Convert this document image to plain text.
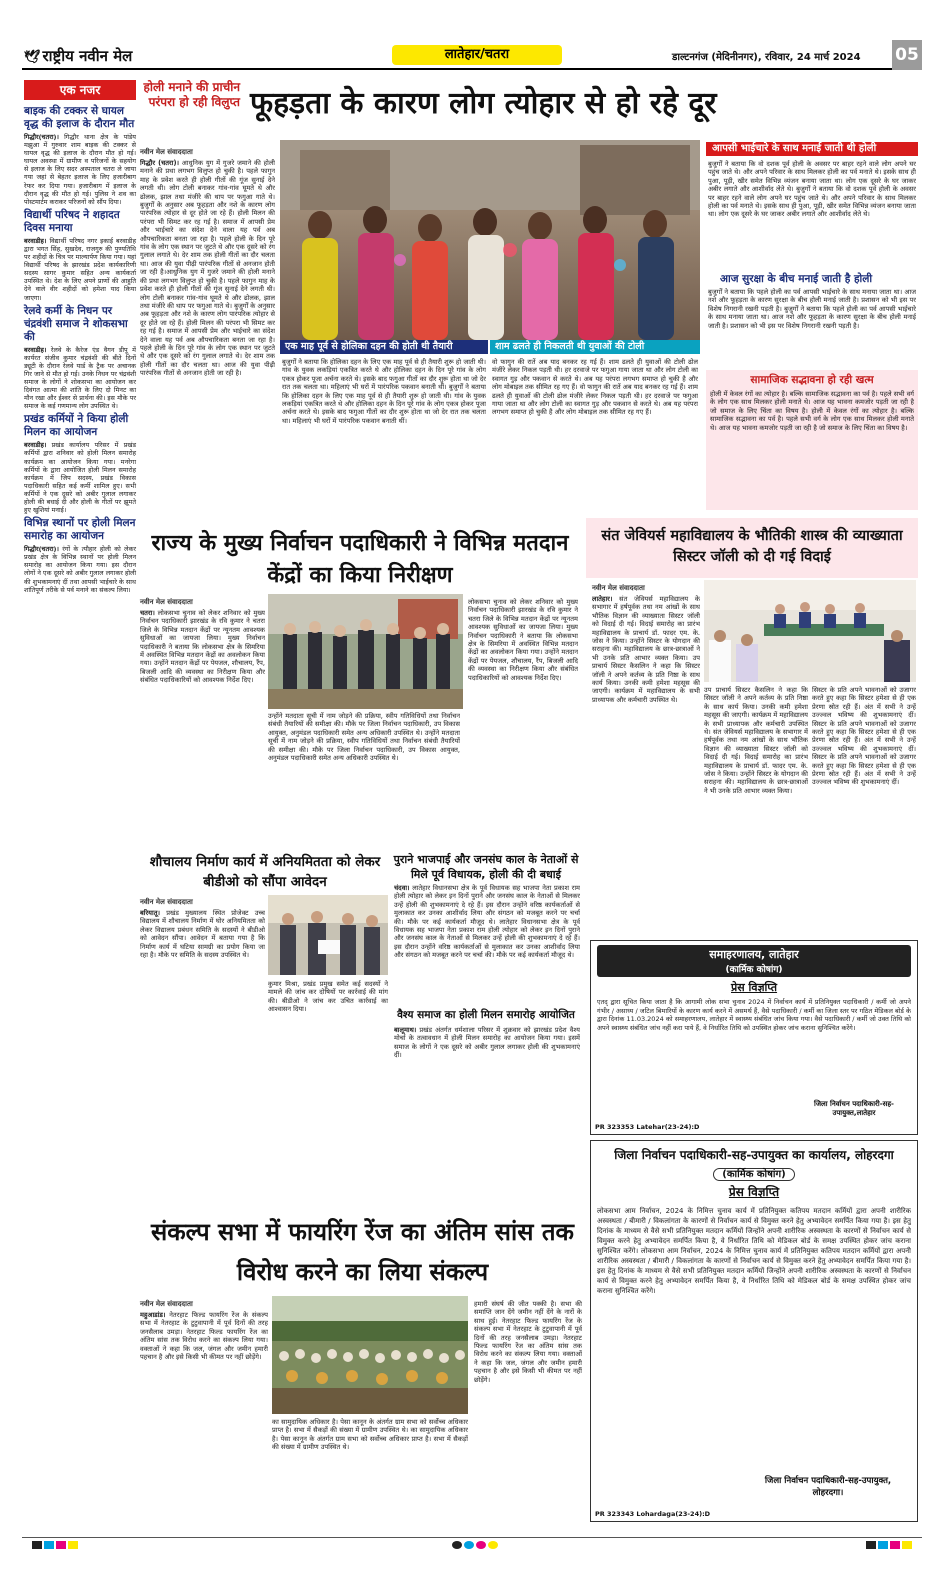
🕊 राष्ट्रीय नवीन मेल	लातेहार/चतरा	डाल्टनगंज (मेदिनीनगर), रविवार, 24 मार्च 2024 05
एक नजर
बाइक की टक्कर से घायल वृद्ध की इलाज के दौरान मौत
गिद्धौर(चतरा)। गिद्धौर थाना क्षेत्र के पांडेय मझुआ में गुरुवार शाम बाइक की टक्कर से घायल वृद्ध की इलाज के दौरान मौत हो गई। घायल अवस्था में ग्रामीण व परिजनों के सहयोग से इलाज के लिए सदर अस्पताल चतरा ले जाया गया जहां से बेहतर इलाज के लिए हजारीबाग रेफर कर दिया गया। हजारीबाग में इलाज के दौरान वृद्ध की मौत हो गई। पुलिस ने शव का पोस्टमार्टम कराकर परिजनों को सौंप दिया।
विद्यार्थी परिषद ने शहादत दिवस मनाया
बरवाडीह। विद्यार्थी परिषद नगर इकाई बरवाडीह द्वारा भगत सिंह, सुखदेव, राजगुरु की पुण्यतिथि पर शहीदों के चित्र पर माल्यार्पण किया गया। यहां विद्यार्थी परिषद के झारखंड प्रदेश कार्यकारिणी सदस्य सागर कुमार सहित अन्य कार्यकर्ता उपस्थित थे। देश के लिए अपने प्राणों की आहुति देने वाले वीर शहीदों को हमेशा याद किया जाएगा।
रेलवे कर्मी के निधन पर चंद्रवंशी समाज ने शोकसभा की
बरवाडीह। रेलवे के कैरेज एंड वैगन डीपू में कार्यरत संजीव कुमार चंद्रवंशी की बीते दिनों ड्यूटी के दौरान रेलवे यार्ड के ट्रैक पर अचानक गिर जाने से मौत हो गई। उनके निधन पर चंद्रवंशी समाज के लोगों ने शोकसभा का आयोजन कर दिवंगत आत्मा की शांति के लिए दो मिनट का मौन रखा और ईश्वर से प्रार्थना की। इस मौके पर समाज के कई गणमान्य लोग उपस्थित थे।
प्रखंड कर्मियों ने किया होली मिलन का आयोजन
बरवाडीह। प्रखंड कार्यालय परिसर में प्रखंड कर्मियों द्वारा शनिवार को होली मिलन समारोह कार्यक्रम का आयोजन किया गया। मनरेगा कर्मियों के द्वारा आयोजित होली मिलन समारोह कार्यक्रम में जिप सदस्य, प्रखंड विकास पदाधिकारी सहित कई कर्मी शामिल हुए। सभी कर्मियों ने एक दूसरे को अबीर गुलाल लगाकर होली की बधाई दी और होली के गीतों पर झूमते हुए खुशियां मनाई।
विभिन्न स्थानों पर होली मिलन समारोह का आयोजन
गिद्धौर(चतरा)। रंगों के त्यौहार होली को लेकर प्रखंड क्षेत्र के विभिन्न स्थानों पर होली मिलन समारोह का आयोजन किया गया। इस दौरान लोगों ने एक दूसरे को अबीर गुलाल लगाकर होली की शुभकामनाएं दीं तथा आपसी भाईचारे के साथ शांतिपूर्ण तरीके से पर्व मनाने का संकल्प लिया।
होली मनाने की प्राचीन परंपरा हो रही विलुप्त फूहड़ता के कारण लोग त्योहार से हो रहे दूर
नवीन मेल संवाददाता
गिद्धौर (चतरा)। आधुनिक युग में गुजरे जमाने की होली मनाने की प्रथा लगभग विलुप्त हो चुकी है। पहले फागुन माह के प्रवेश करते ही होली गीतों की गूंज सुनाई देने लगती थी। लोग टोली बनाकर गांव-गांव घूमते थे और ढोलक, झाल तथा मंजीरे की थाप पर फगुआ गाते थे। बुजुर्गों के अनुसार अब फूहड़ता और नशे के कारण लोग पारंपरिक त्योहार से दूर होते जा रहे हैं। होली मिलन की परंपरा भी सिमट कर रह गई है। समाज में आपसी प्रेम और भाईचारे का संदेश देने वाला यह पर्व अब औपचारिकता बनता जा रहा है। पहले होली के दिन पूरे गांव के लोग एक स्थान पर जुटते थे और एक दूसरे को रंग गुलाल लगाते थे। देर शाम तक होली गीतों का दौर चलता था। आज की युवा पीढ़ी पारंपरिक गीतों से अनजान होती जा रही है।आधुनिक युग में गुजरे जमाने की होली मनाने की प्रथा लगभग विलुप्त हो चुकी है। पहले फागुन माह के प्रवेश करते ही होली गीतों की गूंज सुनाई देने लगती थी। लोग टोली बनाकर गांव-गांव घूमते थे और ढोलक, झाल तथा मंजीरे की थाप पर फगुआ गाते थे। बुजुर्गों के अनुसार अब फूहड़ता और नशे के कारण लोग पारंपरिक त्योहार से दूर होते जा रहे हैं। होली मिलन की परंपरा भी सिमट कर रह गई है। समाज में आपसी प्रेम और भाईचारे का संदेश देने वाला यह पर्व अब औपचारिकता बनता जा रहा है। पहले होली के दिन पूरे गांव के लोग एक स्थान पर जुटते थे और एक दूसरे को रंग गुलाल लगाते थे। देर शाम तक होली गीतों का दौर चलता था। आज की युवा पीढ़ी पारंपरिक गीतों से अनजान होती जा रही है।
एक माह पूर्व से होलिका दहन की होती थी तैयारी	शाम ढलते ही निकलती थी युवाओं की टोली
बुजुर्गों ने बताया कि होलिका दहन के लिए एक माह पूर्व से ही तैयारी शुरू हो जाती थी। गांव के युवक लकड़ियां एकत्रित करते थे और होलिका दहन के दिन पूरे गांव के लोग एकत्र होकर पूजा अर्चना करते थे। इसके बाद फगुआ गीतों का दौर शुरू होता था जो देर रात तक चलता था। महिलाएं भी घरों में पारंपरिक पकवान बनाती थीं। बुजुर्गों ने बताया कि होलिका दहन के लिए एक माह पूर्व से ही तैयारी शुरू हो जाती थी। गांव के युवक लकड़ियां एकत्रित करते थे और होलिका दहन के दिन पूरे गांव के लोग एकत्र होकर पूजा अर्चना करते थे। इसके बाद फगुआ गीतों का दौर शुरू होता था जो देर रात तक चलता था। महिलाएं भी घरों में पारंपरिक पकवान बनाती थीं।
वो फागुन की रातें अब याद बनकर रह गई हैं। शाम ढलते ही युवाओं की टोली ढोल मंजीरे लेकर निकल पड़ती थी। हर दरवाजे पर फगुआ गाया जाता था और लोग टोली का स्वागत गुड़ और पकवान से करते थे। अब यह परंपरा लगभग समाप्त हो चुकी है और लोग मोबाइल तक सीमित रह गए हैं। वो फागुन की रातें अब याद बनकर रह गई हैं। शाम ढलते ही युवाओं की टोली ढोल मंजीरे लेकर निकल पड़ती थी। हर दरवाजे पर फगुआ गाया जाता था और लोग टोली का स्वागत गुड़ और पकवान से करते थे। अब यह परंपरा लगभग समाप्त हो चुकी है और लोग मोबाइल तक सीमित रह गए हैं।
आपसी भाईचारे के साथ मनाई जाती थी होली
बुजुर्गों ने बताया कि वो दशक पूर्व होली के अवसर पर बाहर रहने वाले लोग अपने घर पहुंच जाते थे। और अपने परिवार के साथ मिलकर होली का पर्व मनाते थे। इसके साथ ही पुआ, पूड़ी, खीर समेत विभिन्न व्यंजन बनाया जाता था। लोग एक दूसरे के घर जाकर अबीर लगाते और आशीर्वाद लेते थे। बुजुर्गों ने बताया कि वो दशक पूर्व होली के अवसर पर बाहर रहने वाले लोग अपने घर पहुंच जाते थे। और अपने परिवार के साथ मिलकर होली का पर्व मनाते थे। इसके साथ ही पुआ, पूड़ी, खीर समेत विभिन्न व्यंजन बनाया जाता था। लोग एक दूसरे के घर जाकर अबीर लगाते और आशीर्वाद लेते थे।
आज सुरक्षा के बीच मनाई जाती है होली
बुजुर्गों ने बताया कि पहले होली का पर्व आपसी भाईचारे के साथ मनाया जाता था। आज नशे और फूहड़ता के कारण सुरक्षा के बीच होली मनाई जाती है। प्रशासन को भी इस पर विशेष निगरानी रखनी पड़ती है। बुजुर्गों ने बताया कि पहले होली का पर्व आपसी भाईचारे के साथ मनाया जाता था। आज नशे और फूहड़ता के कारण सुरक्षा के बीच होली मनाई जाती है। प्रशासन को भी इस पर विशेष निगरानी रखनी पड़ती है।
सामाजिक सद्भावना हो रही खत्म
होली में केवल रंगों का त्योहार है। बल्कि सामाजिक सद्भावना का पर्व है। पहले सभी वर्ग के लोग एक साथ मिलकर होली मनाते थे। आज यह भावना कमजोर पड़ती जा रही है जो समाज के लिए चिंता का विषय है। होली में केवल रंगों का त्योहार है। बल्कि सामाजिक सद्भावना का पर्व है। पहले सभी वर्ग के लोग एक साथ मिलकर होली मनाते थे। आज यह भावना कमजोर पड़ती जा रही है जो समाज के लिए चिंता का विषय है।
राज्य के मुख्य निर्वाचन पदाधिकारी ने विभिन्न मतदान केंद्रों का किया निरीक्षण
नवीन मेल संवाददाता
चतरा। लोकसभा चुनाव को लेकर शनिवार को मुख्य निर्वाचन पदाधिकारी झारखंड के रवि कुमार ने चतरा जिले के विभिन्न मतदान केंद्रों पर न्यूनतम आवश्यक सुविधाओं का जायजा लिया। मुख्य निर्वाचन पदाधिकारी ने बताया कि लोकसभा क्षेत्र के सिमरिया में अवस्थित विभिन्न मतदान केंद्रों का अवलोकन किया गया। उन्होंने मतदान केंद्रों पर पेयजल, शौचालय, रैंप, बिजली आदि की व्यवस्था का निरीक्षण किया और संबंधित पदाधिकारियों को आवश्यक निर्देश दिए।
उन्होंने मतदाता सूची में नाम जोड़ने की प्रक्रिया, स्वीप गतिविधियों तथा निर्वाचन संबंधी तैयारियों की समीक्षा की। मौके पर जिला निर्वाचन पदाधिकारी, उप विकास आयुक्त, अनुमंडल पदाधिकारी समेत अन्य अधिकारी उपस्थित थे। उन्होंने मतदाता सूची में नाम जोड़ने की प्रक्रिया, स्वीप गतिविधियों तथा निर्वाचन संबंधी तैयारियों की समीक्षा की। मौके पर जिला निर्वाचन पदाधिकारी, उप विकास आयुक्त, अनुमंडल पदाधिकारी समेत अन्य अधिकारी उपस्थित थे।
लोकसभा चुनाव को लेकर शनिवार को मुख्य निर्वाचन पदाधिकारी झारखंड के रवि कुमार ने चतरा जिले के विभिन्न मतदान केंद्रों पर न्यूनतम आवश्यक सुविधाओं का जायजा लिया। मुख्य निर्वाचन पदाधिकारी ने बताया कि लोकसभा क्षेत्र के सिमरिया में अवस्थित विभिन्न मतदान केंद्रों का अवलोकन किया गया। उन्होंने मतदान केंद्रों पर पेयजल, शौचालय, रैंप, बिजली आदि की व्यवस्था का निरीक्षण किया और संबंधित पदाधिकारियों को आवश्यक निर्देश दिए।
शौचालय निर्माण कार्य में अनियमितता को लेकर बीडीओ को सौंपा आवेदन
नवीन मेल संवाददाता
बरियातू। प्रखंड मुख्यालय स्थित प्रोजेक्ट उच्च विद्यालय में शौचालय निर्माण में घोर अनियमितता को लेकर विद्यालय प्रबंधन समिति के सदस्यों ने बीडीओ को आवेदन सौंपा। आवेदन में बताया गया है कि निर्माण कार्य में घटिया सामग्री का प्रयोग किया जा रहा है। मौके पर समिति के सदस्य उपस्थित थे।
कुमार मिश्रा, प्रखंड प्रमुख समेत कई सदस्यों ने मामले की जांच कर दोषियों पर कार्रवाई की मांग की। बीडीओ ने जांच कर उचित कार्रवाई का आश्वासन दिया।
पुराने भाजपाई और जनसंघ काल के नेताओं से मिले पूर्व विधायक, होली की दी बधाई
चंदवा। लातेहार विधानसभा क्षेत्र के पूर्व विधायक सह भाजपा नेता प्रकाश राम होली त्योहार को लेकर इन दिनों पुराने और जनसंघ काल के नेताओं से मिलकर उन्हें होली की शुभकामनाएं दे रहे हैं। इस दौरान उन्होंने वरिष्ठ कार्यकर्ताओं से मुलाकात कर उनका आशीर्वाद लिया और संगठन को मजबूत करने पर चर्चा की। मौके पर कई कार्यकर्ता मौजूद थे। लातेहार विधानसभा क्षेत्र के पूर्व विधायक सह भाजपा नेता प्रकाश राम होली त्योहार को लेकर इन दिनों पुराने और जनसंघ काल के नेताओं से मिलकर उन्हें होली की शुभकामनाएं दे रहे हैं। इस दौरान उन्होंने वरिष्ठ कार्यकर्ताओं से मुलाकात कर उनका आशीर्वाद लिया और संगठन को मजबूत करने पर चर्चा की। मौके पर कई कार्यकर्ता मौजूद थे।
वैश्य समाज का होली मिलन समारोह आयोजित
बालूमाथ। प्रखंड अंतर्गत धर्मशाला परिसर में शुक्रवार को झारखंड प्रदेश वैश्य मोर्चा के तत्वावधान में होली मिलन समारोह का आयोजन किया गया। इसमें समाज के लोगों ने एक दूसरे को अबीर गुलाल लगाकर होली की शुभकामनाएं दीं।
संत जेवियर्स महाविद्यालय के भौतिकी शास्त्र की व्याख्याता सिस्टर जॉली को दी गई विदाई
नवीन मेल संवाददाता
लातेहार। संत जेवियर्स महाविद्यालय के सभागार में हर्षपूर्वक तथा नम आंखों के साथ भौतिक विज्ञान की व्याख्याता सिस्टर जॉली को विदाई दी गई। विदाई समारोह का प्रारंभ महाविद्यालय के प्राचार्य डॉ. फादर एम. के. जोस ने किया। उन्होंने सिस्टर के योगदान की सराहना की। महाविद्यालय के छात्र-छात्राओं ने भी उनके प्रति आभार व्यक्त किया। उप प्राचार्य सिस्टर कैसलिन ने कहा कि सिस्टर जॉली ने अपने कर्तव्य के प्रति निष्ठा के साथ कार्य किया। उनकी कमी हमेशा महसूस की जाएगी। कार्यक्रम में महाविद्यालय के सभी प्राध्यापक और कर्मचारी उपस्थित थे।
उप प्राचार्य सिस्टर कैसलिन ने कहा कि सिस्टर जॉली ने अपने कर्तव्य के प्रति निष्ठा के साथ कार्य किया। उनकी कमी हमेशा महसूस की जाएगी। कार्यक्रम में महाविद्यालय के सभी प्राध्यापक और कर्मचारी उपस्थित थे। संत जेवियर्स महाविद्यालय के सभागार में हर्षपूर्वक तथा नम आंखों के साथ भौतिक विज्ञान की व्याख्याता सिस्टर जॉली को विदाई दी गई। विदाई समारोह का प्रारंभ महाविद्यालय के प्राचार्य डॉ. फादर एम. के. जोस ने किया। उन्होंने सिस्टर के योगदान की सराहना की। महाविद्यालय के छात्र-छात्राओं ने भी उनके प्रति आभार व्यक्त किया।
सिस्टर के प्रति अपने भावनाओं को उजागर करते हुए कहा कि सिस्टर हमेशा से ही एक प्रेरणा स्रोत रही हैं। अंत में सभी ने उन्हें उज्ज्वल भविष्य की शुभकामनाएं दीं। सिस्टर के प्रति अपने भावनाओं को उजागर करते हुए कहा कि सिस्टर हमेशा से ही एक प्रेरणा स्रोत रही हैं। अंत में सभी ने उन्हें उज्ज्वल भविष्य की शुभकामनाएं दीं। सिस्टर के प्रति अपने भावनाओं को उजागर करते हुए कहा कि सिस्टर हमेशा से ही एक प्रेरणा स्रोत रही हैं। अंत में सभी ने उन्हें उज्ज्वल भविष्य की शुभकामनाएं दीं।
समाहरणालय, लातेहार
(कार्मिक कोषांग)
प्रेस विज्ञप्ति
एतद् द्वारा सूचित किया जाता है कि आगामी लोक सभा चुनाव 2024 में निर्वाचन कार्य में प्रतिनियुक्त पदाधिकारी / कर्मी जो अपने गंभीर / असाध्य / जटिल बिमारियों के कारण कार्य करने में असमर्थ हैं, वैसे पदाधिकारी / कर्मी का जिला स्तर पर गठित मेडिकल बोर्ड के द्वारा दिनांक 11.03.2024 को समाहरणालय, लातेहार में स्वास्थ्य संबंधित जांच किया गया। वैसे पदाधिकारी / कर्मी जो उक्त तिथि को अपने स्वास्थ्य संबंधित जांच नहीं करा पाये हैं, वे निर्धारित तिथि को उपस्थित होकर जांच कराना सुनिश्चित करेंगे।
जिला निर्वाचन पदाधिकारी-सह-उपायुक्त,लातेहार
PR 323353 Latehar(23-24):D
जिला निर्वाचन पदाधिकारी-सह-उपायुक्त का कार्यालय, लोहरदगा
(कार्मिक कोषांग)
प्रेस विज्ञप्ति
लोकसभा आम निर्वाचन, 2024 के निमित्त चुनाव कार्य में प्रतिनियुक्त कतिपय मतदान कर्मियों द्वारा अपनी शारीरिक अस्वस्थता / बीमारी / विकलांगता के कारणों से निर्वाचन कार्य से विमुक्त करने हेतु अभ्यावेदन समर्पित किया गया है। इस हेतु दिनांक के माध्यम से वैसे सभी प्रतिनियुक्त मतदान कर्मियों जिन्होंने अपनी शारीरिक अस्वस्थता के कारणों से निर्वाचन कार्य से विमुक्त करने हेतु अभ्यावेदन समर्पित किया है, वे निर्धारित तिथि को मेडिकल बोर्ड के समक्ष उपस्थित होकर जांच कराना सुनिश्चित करेंगे। लोकसभा आम निर्वाचन, 2024 के निमित्त चुनाव कार्य में प्रतिनियुक्त कतिपय मतदान कर्मियों द्वारा अपनी शारीरिक अस्वस्थता / बीमारी / विकलांगता के कारणों से निर्वाचन कार्य से विमुक्त करने हेतु अभ्यावेदन समर्पित किया गया है। इस हेतु दिनांक के माध्यम से वैसे सभी प्रतिनियुक्त मतदान कर्मियों जिन्होंने अपनी शारीरिक अस्वस्थता के कारणों से निर्वाचन कार्य से विमुक्त करने हेतु अभ्यावेदन समर्पित किया है, वे निर्धारित तिथि को मेडिकल बोर्ड के समक्ष उपस्थित होकर जांच कराना सुनिश्चित करेंगे।
जिला निर्वाचन पदाधिकारी-सह-उपायुक्त, लोहरदगा।
PR 323343 Lohardaga(23-24):D
संकल्प सभा में फायरिंग रेंज का अंतिम सांस तक विरोध करने का लिया संकल्प
नवीन मेल संवाददाता
महुआडांड। नेतरहाट फिल्ड फायरिंग रेंज के संकल्प सभा में नेतरहाट के टुटुवापानी में पूर्व दिनों की तरह जनसैलाब उमड़ा। नेतरहाट फिल्ड फायरिंग रेंज का अंतिम सांस तक विरोध करने का संकल्प लिया गया। वक्ताओं ने कहा कि जल, जंगल और जमीन हमारी पहचान है और इसे किसी भी कीमत पर नहीं छोड़ेंगे।
का सामुदायिक अधिकार है। पेसा कानून के अंतर्गत ग्राम सभा को सर्वोच्च अधिकार प्राप्त है। सभा में सैकड़ों की संख्या में ग्रामीण उपस्थित थे। का सामुदायिक अधिकार है। पेसा कानून के अंतर्गत ग्राम सभा को सर्वोच्च अधिकार प्राप्त है। सभा में सैकड़ों की संख्या में ग्रामीण उपस्थित थे।
हमारी संघर्ष की जीत पक्की है। सभा की समाप्ति जान देंगे जमीन नहीं देंगे के नारों के साथ हुई। नेतरहाट फिल्ड फायरिंग रेंज के संकल्प सभा में नेतरहाट के टुटुवापानी में पूर्व दिनों की तरह जनसैलाब उमड़ा। नेतरहाट फिल्ड फायरिंग रेंज का अंतिम सांस तक विरोध करने का संकल्प लिया गया। वक्ताओं ने कहा कि जल, जंगल और जमीन हमारी पहचान है और इसे किसी भी कीमत पर नहीं छोड़ेंगे।
